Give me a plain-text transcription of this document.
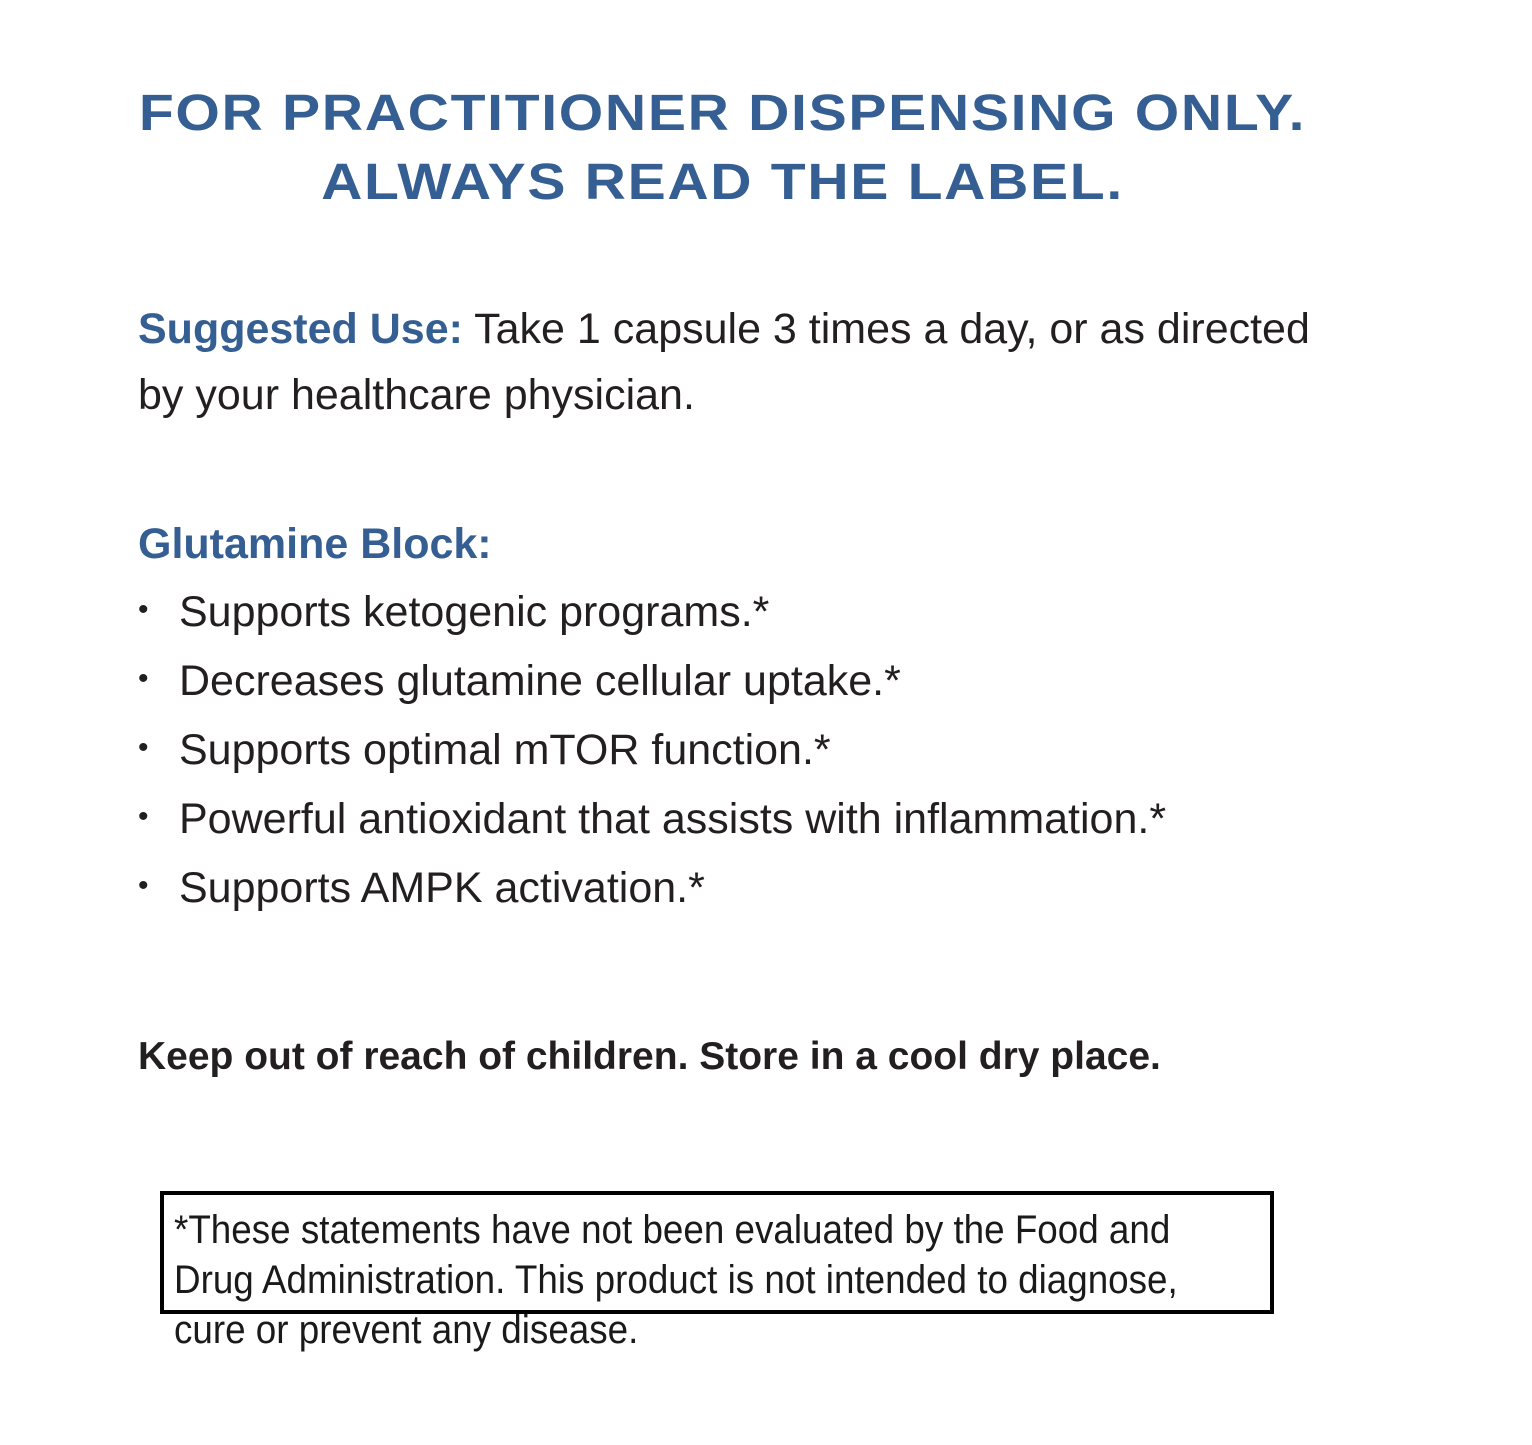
FOR PRACTITIONER DISPENSING ONLY.
ALWAYS READ THE LABEL.
Suggested Use: Take 1 capsule 3 times a day, or as directed by your healthcare physician.
Glutamine Block:
• Supports ketogenic programs.*
• Decreases glutamine cellular uptake.*
• Supports optimal mTOR function.*
• Powerful antioxidant that assists with inflammation.*
• Supports AMPK activation.*
Keep out of reach of children. Store in a cool dry place.
*These statements have not been evaluated by the Food and
Drug Administration. This product is not intended to diagnose,
cure or prevent any disease.
